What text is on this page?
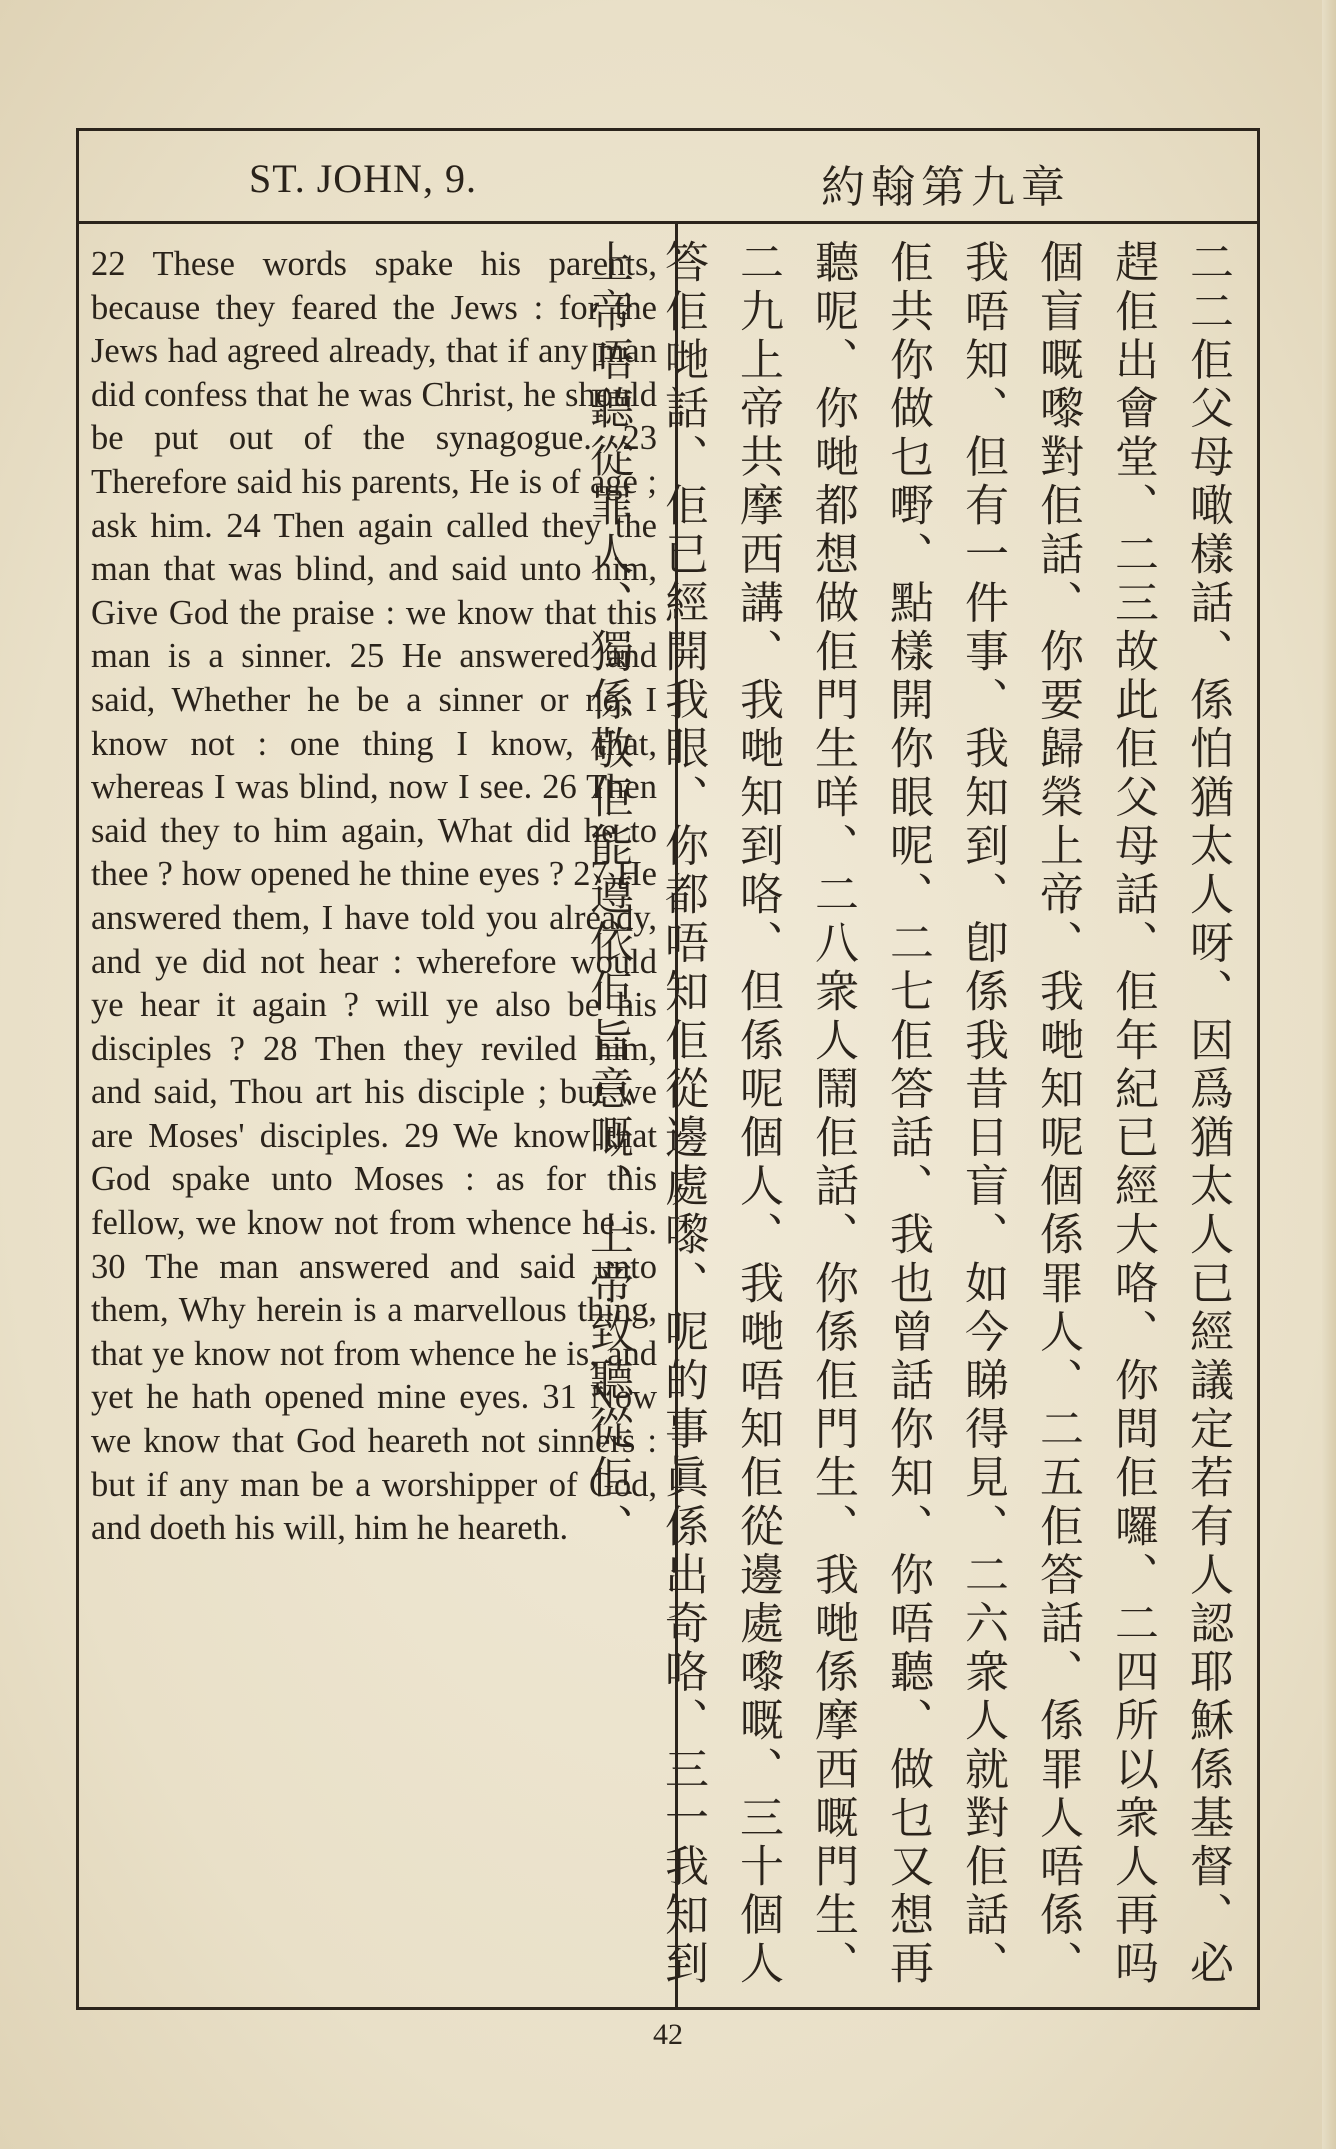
ST. JOHN, 9.	約翰第九章

22 These words spake his parents, because they feared the Jews : for the Jews had agreed already, that if any man did confess that he was Christ, he should be put out of the synagogue. 23 Therefore said his parents, He is of age ; ask him. 24 Then again called they the man that was blind, and said unto him, Give God the praise : we know that this man is a sinner. 25 He answered and said, Whether he be a sinner or no, I know not : one thing I know, that, whereas I was blind, now I see. 26 Then said they to him again, What did he to thee ? how opened he thine eyes ? 27 He answered them, I have told you already, and ye did not hear : wherefore would ye hear it again ? will ye also be his disciples ? 28 Then they reviled him, and said, Thou art his disciple ; but we are Moses' disciples. 29 We know that God spake unto Moses : as for this fellow, we know not from whence he is. 30 The man answered and said unto them, Why herein is a marvellous thing, that ye know not from whence he is, and yet he hath opened mine eyes. 31 Now we know that God heareth not sinners : but if any man be a worshipper of God, and doeth his will, him he heareth.	二二佢父母噉樣話、係怕猶太人呀、因爲猶太人已經議定若有人認耶穌係基督、必趕佢出會堂、二三故此佢父母話、佢年紀已經大咯、你問佢囉、二四所以衆人再吗個盲嘅嚟對佢話、你要歸榮上帝、我哋知呢個係罪人、二五佢答話、係罪人唔係、我唔知、但有一件事、我知到、卽係我昔日盲、如今睇得見、二六衆人就對佢話、佢共你做乜嘢、點樣開你眼呢、二七佢答話、我也曾話你知、你唔聽、做乜又想再聽呢、你哋都想做佢門生咩、二八衆人鬧佢話、你係佢門生、我哋係摩西嘅門生、二九上帝共摩西講、我哋知到咯、但係呢個人、我哋唔知佢從邊處嚟嘅、三十個人答佢哋話、佢已經開我眼、你都唔知佢從邊處嚟、呢的事眞係出奇咯、三一我知到上帝唔聽從罪人、獨係敬佢能遵依佢旨意嘅、上帝致聽從佢、
42
